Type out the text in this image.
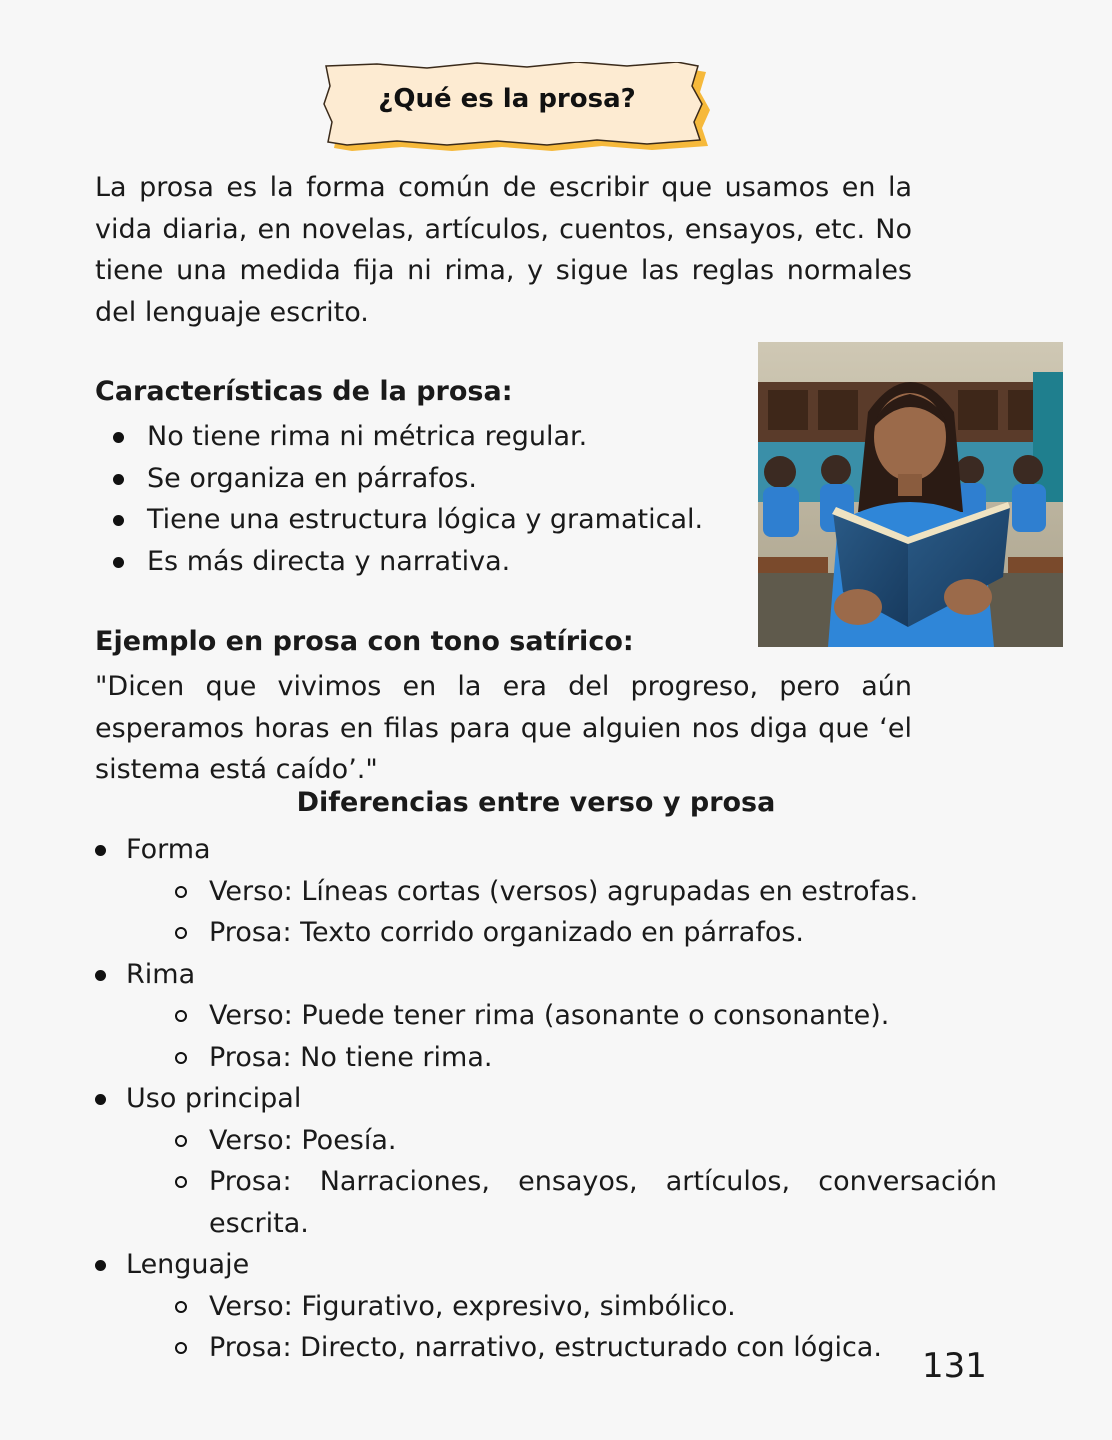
¿Qué es la prosa?

La prosa es la forma común de escribir que usamos en la vida diaria, en novelas, artículos, cuentos, ensayos, etc. No tiene una medida fija ni rima, y sigue las reglas normales del lenguaje escrito.

Características de la prosa:

No tiene rima ni métrica regular.
Se organiza en párrafos.
Tiene una estructura lógica y gramatical.
Es más directa y narrativa.

Ejemplo en prosa con tono satírico:

"Dicen que vivimos en la era del progreso, pero aún esperamos horas en filas para que alguien nos diga que ‘el sistema está caído’."

Diferencias entre verso y prosa

Forma
Verso: Líneas cortas (versos) agrupadas en estrofas.
Prosa: Texto corrido organizado en párrafos.
Rima
Verso: Puede tener rima (asonante o consonante).
Prosa: No tiene rima.
Uso principal
Verso: Poesía.
Prosa: Narraciones, ensayos, artículos, conversación escrita.
Lenguaje
Verso: Figurativo, expresivo, simbólico.
Prosa: Directo, narrativo, estructurado con lógica.	131
